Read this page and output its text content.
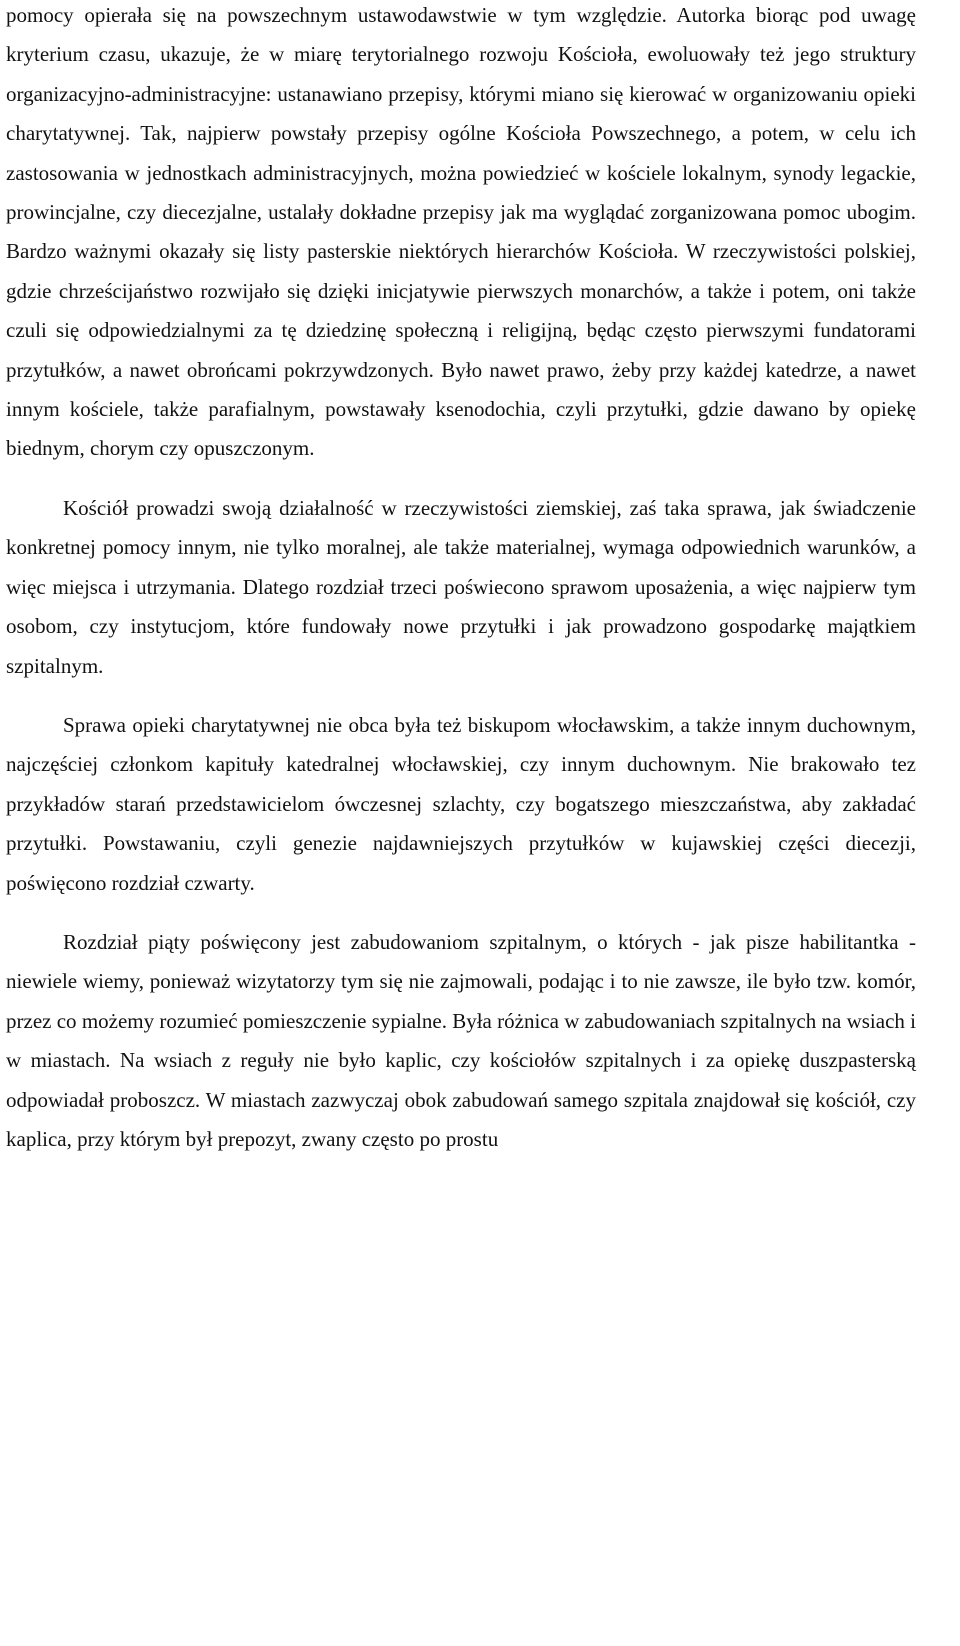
pomocy opierała się na powszechnym ustawodawstwie w tym względzie. Autorka biorąc pod uwagę kryterium czasu, ukazuje, że w miarę terytorialnego rozwoju Kościoła, ewoluowały też jego struktury organizacyjno-administracyjne: ustanawiano przepisy, którymi miano się kierować w organizowaniu opieki charytatywnej. Tak, najpierw powstały przepisy ogólne Kościoła Powszechnego, a potem, w celu ich zastosowania w jednostkach administracyjnych, można powiedzieć w kościele lokalnym, synody legackie, prowincjalne, czy diecezjalne, ustalały dokładne przepisy jak ma wyglądać zorganizowana pomoc ubogim. Bardzo ważnymi okazały się listy pasterskie niektórych hierarchów Kościoła. W rzeczywistości polskiej, gdzie chrześcijaństwo rozwijało się dzięki inicjatywie pierwszych monarchów, a także i potem, oni także czuli się odpowiedzialnymi za tę dziedzinę społeczną i religijną, będąc często pierwszymi fundatorami przytułków, a nawet obrońcami pokrzywdzonych. Było nawet prawo, żeby przy każdej katedrze, a nawet innym kościele, także parafialnym, powstawały ksenodochia, czyli przytułki, gdzie dawano by opiekę biednym, chorym czy opuszczonym.

Kościół prowadzi swoją działalność w rzeczywistości ziemskiej, zaś taka sprawa, jak świadczenie konkretnej pomocy innym, nie tylko moralnej, ale także materialnej, wymaga odpowiednich warunków, a więc miejsca i utrzymania. Dlatego rozdział trzeci poświecono sprawom uposażenia, a więc najpierw tym osobom, czy instytucjom, które fundowały nowe przytułki i jak prowadzono gospodarkę majątkiem szpitalnym.

Sprawa opieki charytatywnej nie obca była też biskupom włocławskim, a także innym duchownym, najczęściej członkom kapituły katedralnej włocławskiej, czy innym duchownym. Nie brakowało tez przykładów starań przedstawicielom ówczesnej szlachty, czy bogatszego mieszczaństwa, aby zakładać przytułki. Powstawaniu, czyli genezie najdawniejszych przytułków w kujawskiej części diecezji, poświęcono rozdział czwarty.

Rozdział piąty poświęcony jest zabudowaniom szpitalnym, o których - jak pisze habilitantka - niewiele wiemy, ponieważ wizytatorzy tym się nie zajmowali, podając i to nie zawsze, ile było tzw. komór, przez co możemy rozumieć pomieszczenie sypialne. Była różnica w zabudowaniach szpitalnych na wsiach i w miastach. Na wsiach z reguły nie było kaplic, czy kościołów szpitalnych i za opiekę duszpasterską odpowiadał proboszcz. W miastach zazwyczaj obok zabudowań samego szpitala znajdował się kościół, czy kaplica, przy którym był prepozyt, zwany często po prostu
